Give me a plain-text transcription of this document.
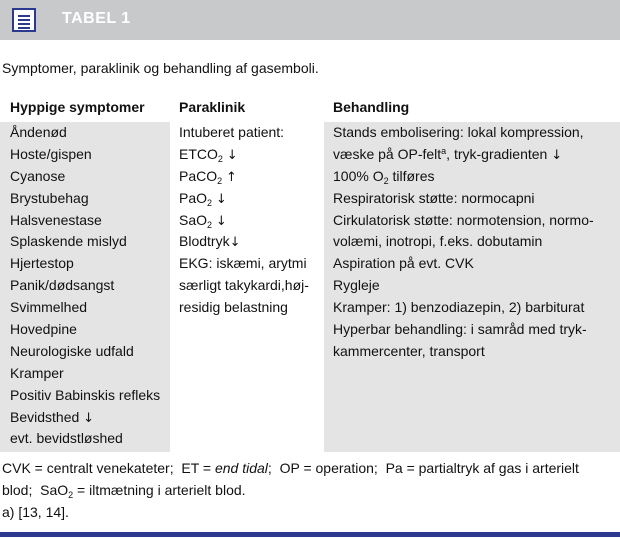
TABEL 1
Symptomer, paraklinik og behandling af gasemboli.
Hyppige symptomer Paraklinik	Behandling
Åndenød
Hoste/gispen
Cyanose
Brystubehag
Halsvenestase
Splaskende mislyd
Hjertestop
Panik/dødsangst
Svimmelhed
Hovedpine
Neurologiske udfald
Kramper
Positiv Babinskis refleks
Bevidsthed ↓
evt. bevidstløshed
Intuberet patient:
$ETCO_2$ ↓
PaCO$_2$ ↑
PaO$_2$ ↓
SaO$_2$ ↓
Blodtryk↓
EKG: iskæmi, arytmi
særligt takykardi,høj-
residig belastning
Stands embolisering: lokal kompression,
væske på OP-felt$^a$, tryk-gradienten ↓
100% $O_2$ tilføres
Respiratorisk støtte: normocapni
Cirkulatorisk støtte: normotension, normo-
volæmi, inotropi, f.eks. dobutamin
Aspiration på evt. CVK
Rygleje
Kramper: 1) benzodiazepin, 2) barbiturat
Hyperbar behandling: i samråd med tryk-
kammercenter, transport
CVK = centralt venekateter; ET = end tidal; OP = operation; Pa = partialtryk af gas i arterielt
blod; SaO$_2$ = iltmætning i arterielt blod.
a) [13, 14].
